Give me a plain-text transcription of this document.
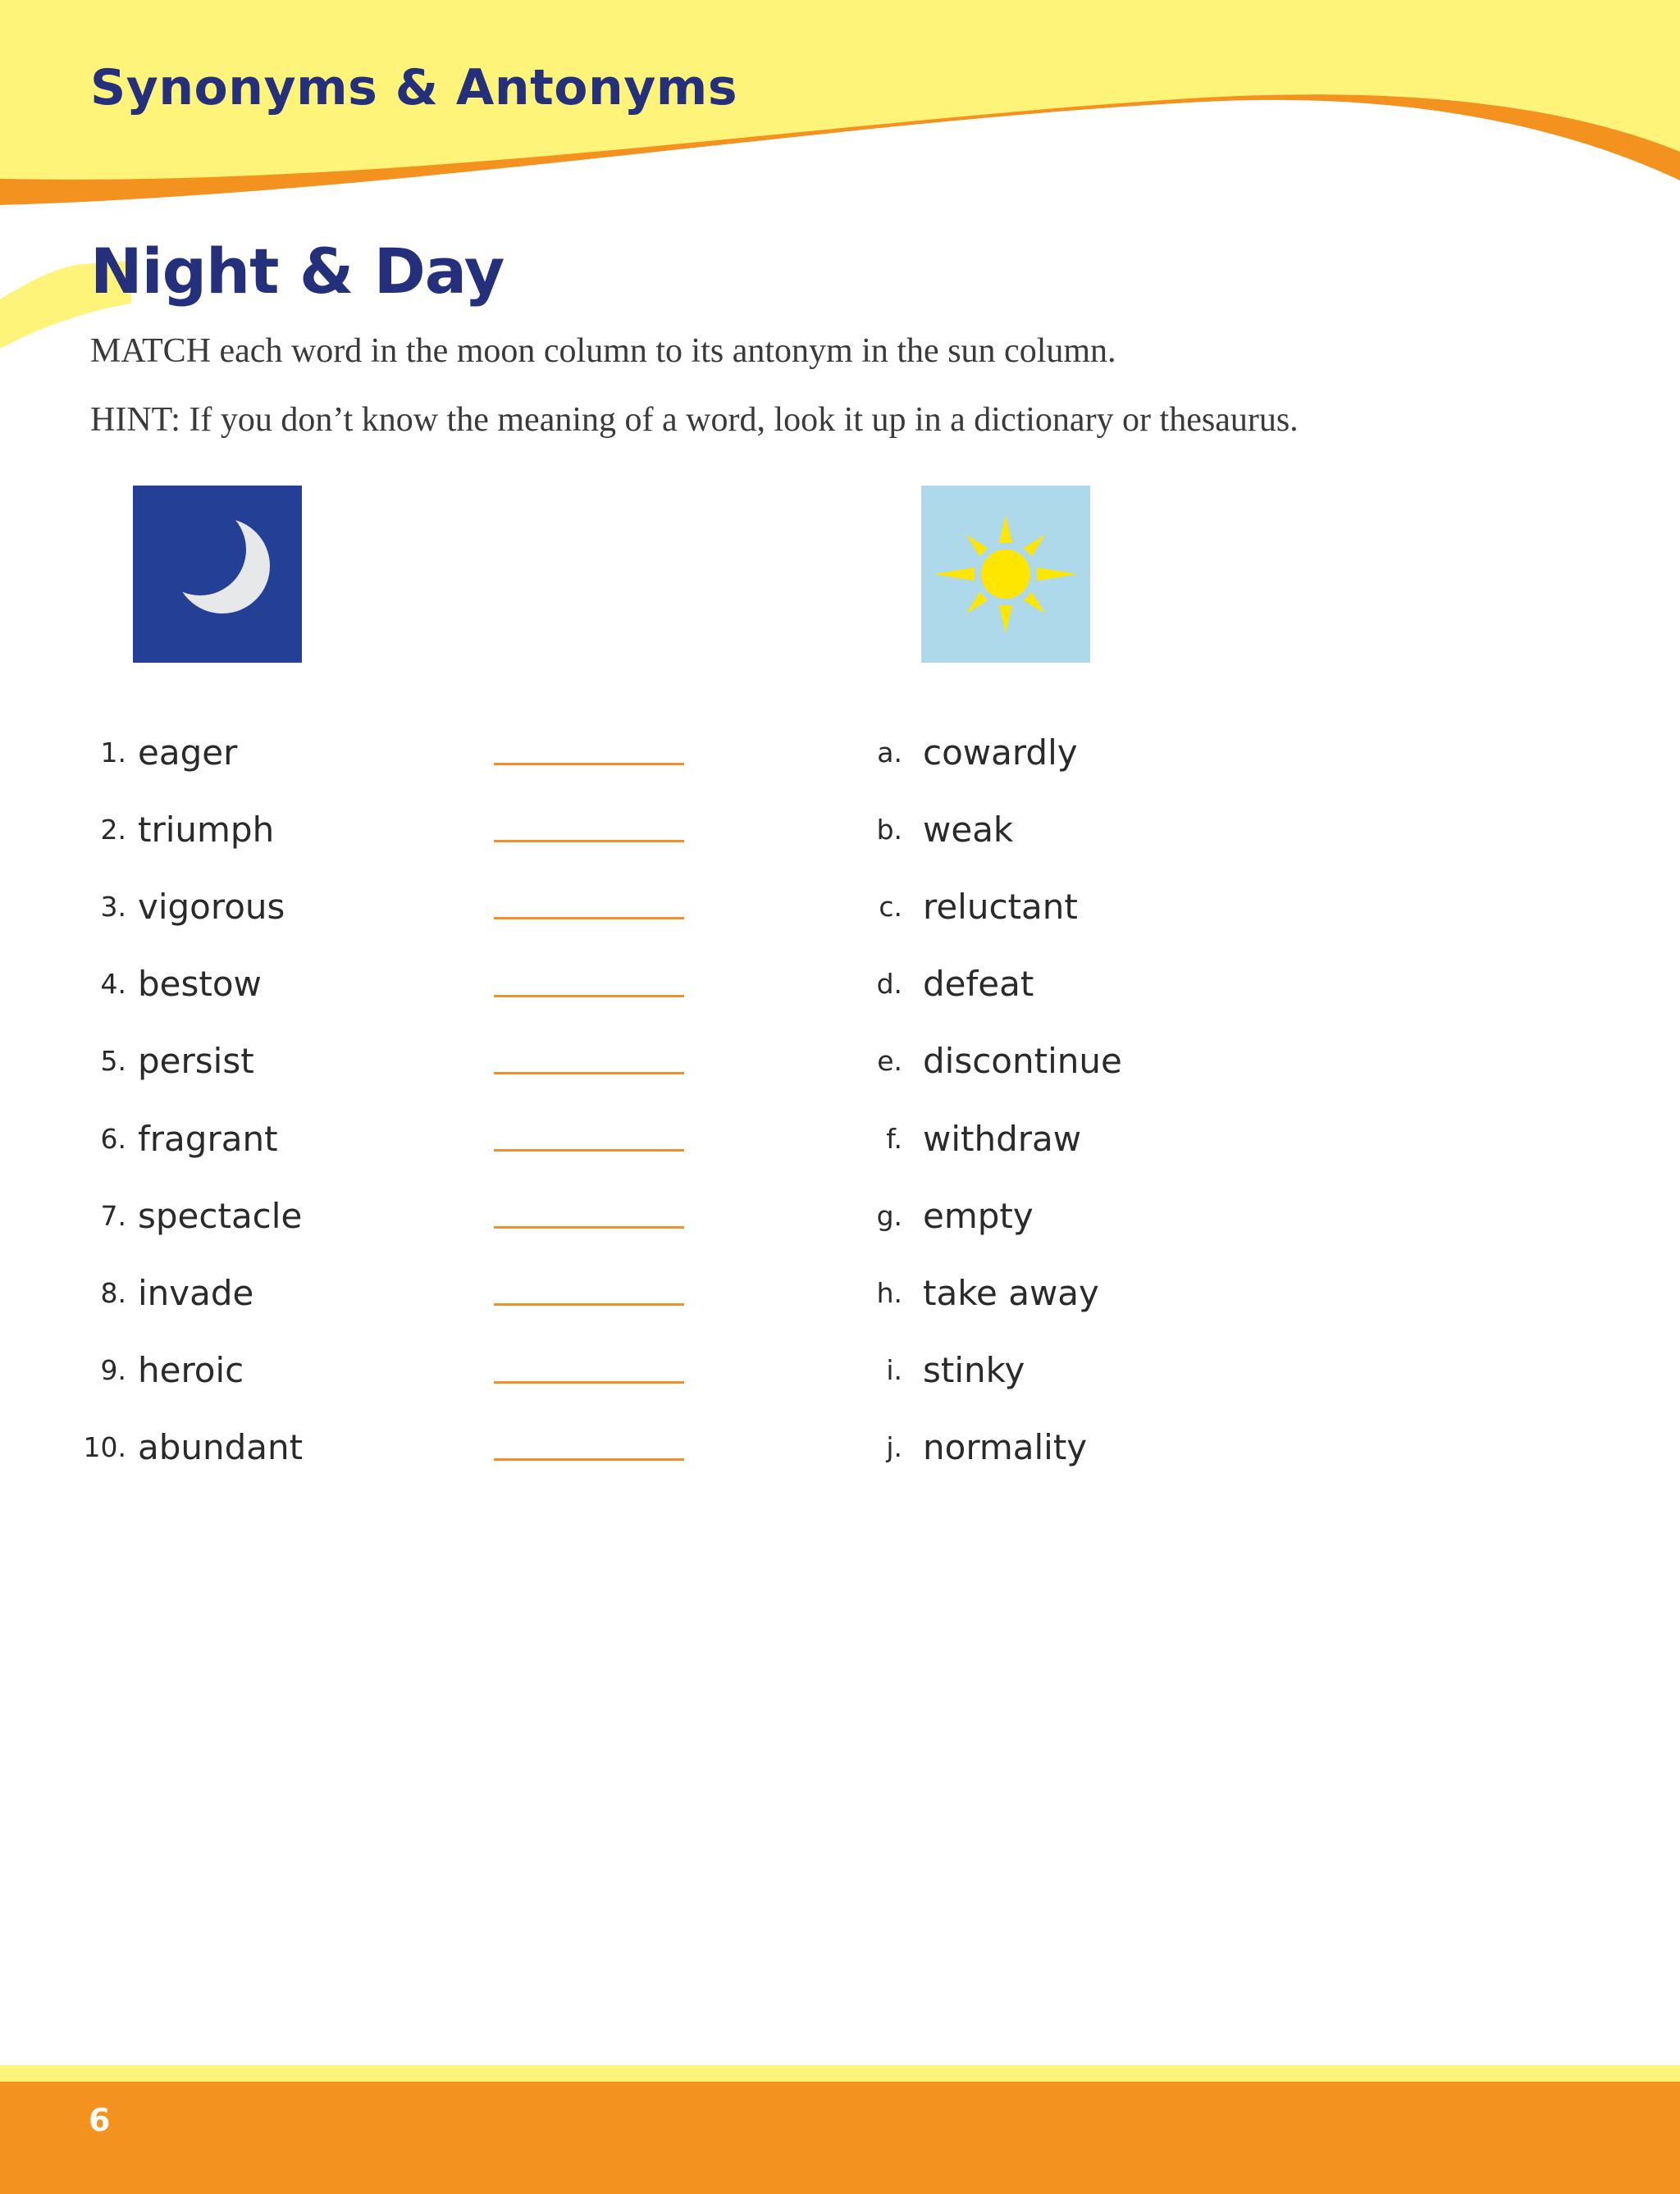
Synonyms & Antonyms
Night & Day

MATCH each word in the moon column to its antonym in the sun column.

HINT: If you don’t know the meaning of a word, look it up in a dictionary or thesaurus.

1. eager
2. triumph
3. vigorous
4. bestow
5. persist
6. fragrant
7. spectacle
8. invade
9. heroic
10. abundant
a. cowardly
b. weak
c. reluctant
d. defeat
e. discontinue
f. withdraw
g. empty
h. take away
i. stinky
j. normality

6
